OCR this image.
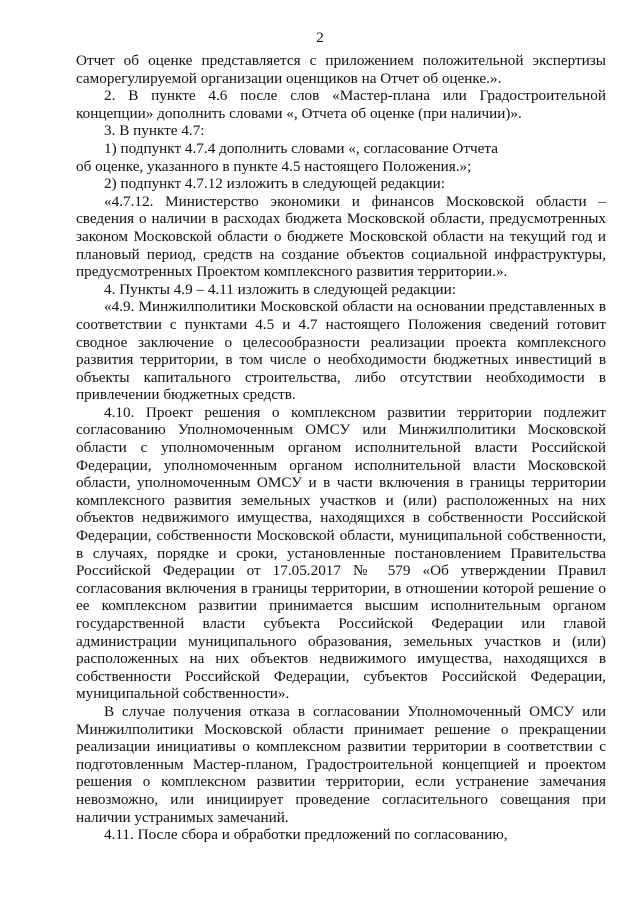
2

Отчет об оценке представляется с приложением положительной экспертизы саморегулируемой организации оценщиков на Отчет об оценке.».

2. В пункте 4.6 после слов «Мастер-плана или Градостроительной концепции» дополнить словами «, Отчета об оценке (при наличии)».

3. В пункте 4.7:

1) подпункт 4.7.4 дополнить словами «, согласование Отчета

об оценке, указанного в пункте 4.5 настоящего Положения.»;

2) подпункт 4.7.12 изложить в следующей редакции:

«4.7.12. Министерство экономики и финансов Московской области – сведения о наличии в расходах бюджета Московской области, предусмотренных законом Московской области о бюджете Московской области на текущий год и плановый период, средств на создание объектов социальной инфраструктуры, предусмотренных Проектом комплексного развития территории.».

4. Пункты 4.9 – 4.11 изложить в следующей редакции:

«4.9. Минжилполитики Московской области на основании представленных в соответствии с пунктами 4.5 и 4.7 настоящего Положения сведений готовит сводное заключение о целесообразности реализации проекта комплексного развития территории, в том числе о необходимости бюджетных инвестиций в объекты капитального строительства, либо отсутствии необходимости в привлечении бюджетных средств.

4.10. Проект решения о комплексном развитии территории подлежит согласованию Уполномоченным ОМСУ или Минжилполитики Московской области с уполномоченным органом исполнительной власти Российской Федерации, уполномоченным органом исполнительной власти Московской области, уполномоченным ОМСУ и в части включения в границы территории комплексного развития земельных участков и (или) расположенных на них объектов недвижимого имущества, находящихся в собственности Российской Федерации, собственности Московской области, муниципальной собственности, в случаях, порядке и сроки, установленные постановлением Правительства Российской Федерации от 17.05.2017 № 579 «Об утверждении Правил согласования включения в границы территории, в отношении которой решение о ее комплексном развитии принимается высшим исполнительным органом государственной власти субъекта Российской Федерации или главой администрации муниципального образования, земельных участков и (или) расположенных на них объектов недвижимого имущества, находящихся в собственности Российской Федерации, субъектов Российской Федерации, муниципальной собственности».

В случае получения отказа в согласовании Уполномоченный ОМСУ или Минжилполитики Московской области принимает решение о прекращении реализации инициативы о комплексном развитии территории в соответствии с подготовленным Мастер-планом, Градостроительной концепцией и проектом решения о комплексном развитии территории, если устранение замечания невозможно, или инициирует проведение согласительного совещания при наличии устранимых замечаний.

4.11. После сбора и обработки предложений по согласованию,
